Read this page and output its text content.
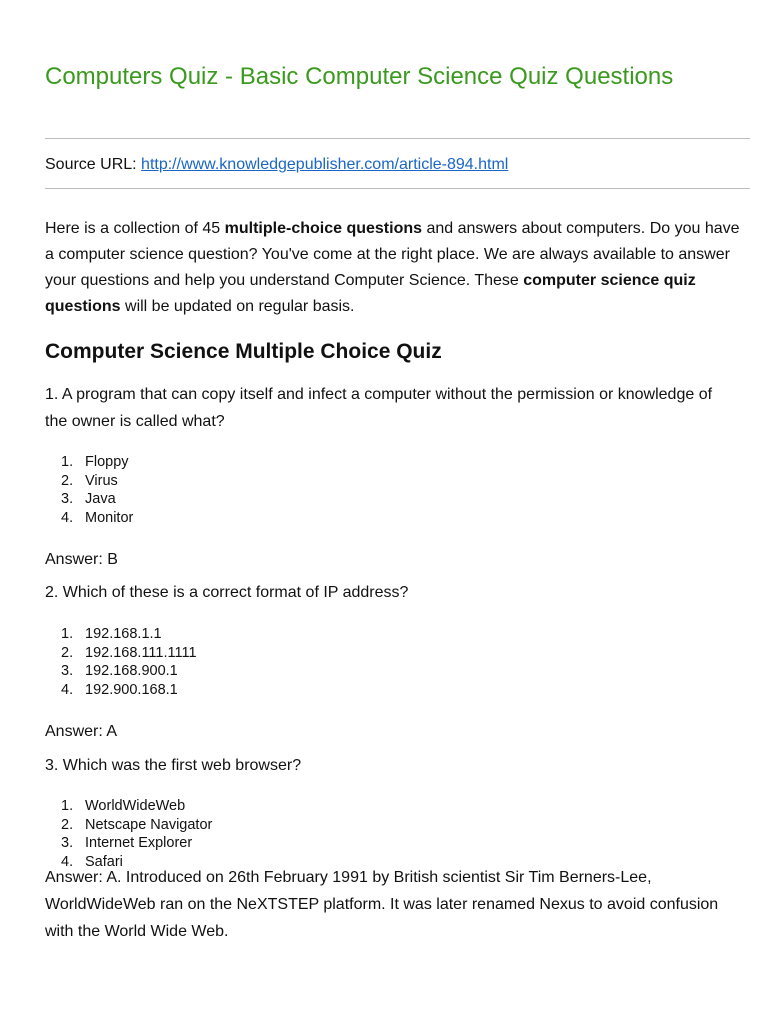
Computers Quiz - Basic Computer Science Quiz Questions

Source URL: http://www.knowledgepublisher.com/article-894.html

Here is a collection of 45 multiple-choice questions and answers about computers. Do you have a computer science question? You've come at the right place. We are always available to answer your questions and help you understand Computer Science. These computer science quiz questions will be updated on regular basis.

Computer Science Multiple Choice Quiz

1. A program that can copy itself and infect a computer without the permission or knowledge of the owner is called what?

1. Floppy
2. Virus
3. Java
4. Monitor

Answer: B

2. Which of these is a correct format of IP address?

1. 192.168.1.1
2. 192.168.111.1111
3. 192.168.900.1
4. 192.900.168.1

Answer: A

3. Which was the first web browser?

1. WorldWideWeb
2. Netscape Navigator
3. Internet Explorer
4. Safari

Answer: A. Introduced on 26th February 1991 by British scientist Sir Tim Berners-Lee, WorldWideWeb ran on the NeXTSTEP platform. It was later renamed Nexus to avoid confusion with the World Wide Web.
